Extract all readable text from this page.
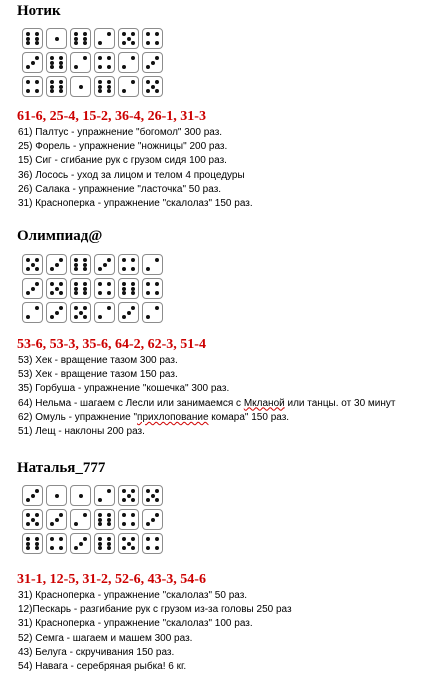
Нотик
61-6, 25-4, 15-2, 36-4, 26-1, 31-3
61) Палтус - упражнение "богомол" 300 раз.
25) Форель - упражнение "ножницы" 200 раз.
15) Сиг - сгибание рук с грузом сидя 100 раз.
36) Лосось - уход за лицом и телом 4 процедуры
26) Салака - упражнение "ласточка" 50 раз.
31) Красноперка - упражнение "скалолаз" 150 раз.
Олимпиад@
53-6, 53-3, 35-6, 64-2, 62-3, 51-4
53) Хек - вращение тазом 300 раз.
53) Хек - вращение тазом 150 раз.
35) Горбуша - упражнение "кошечка" 300 раз.
64) Нельма - шагаем с Лесли или занимаемся с Мкланой или танцы. от 30 минут
62) Омуль - упражнение "прихлопование комара" 150 раз.
51) Лещ - наклоны 200 раз.
Наталья_777
31-1, 12-5, 31-2, 52-6, 43-3, 54-6
31) Красноперка - упражнение "скалолаз" 50 раз.
12)Пескарь - разгибание рук с грузом из-за головы 250 раз
31) Красноперка - упражнение "скалолаз" 100 раз.
52) Семга - шагаем и машем 300 раз.
43) Белуга - скручивания 150 раз.
54) Навага - серебряная рыбка! 6 кг.
